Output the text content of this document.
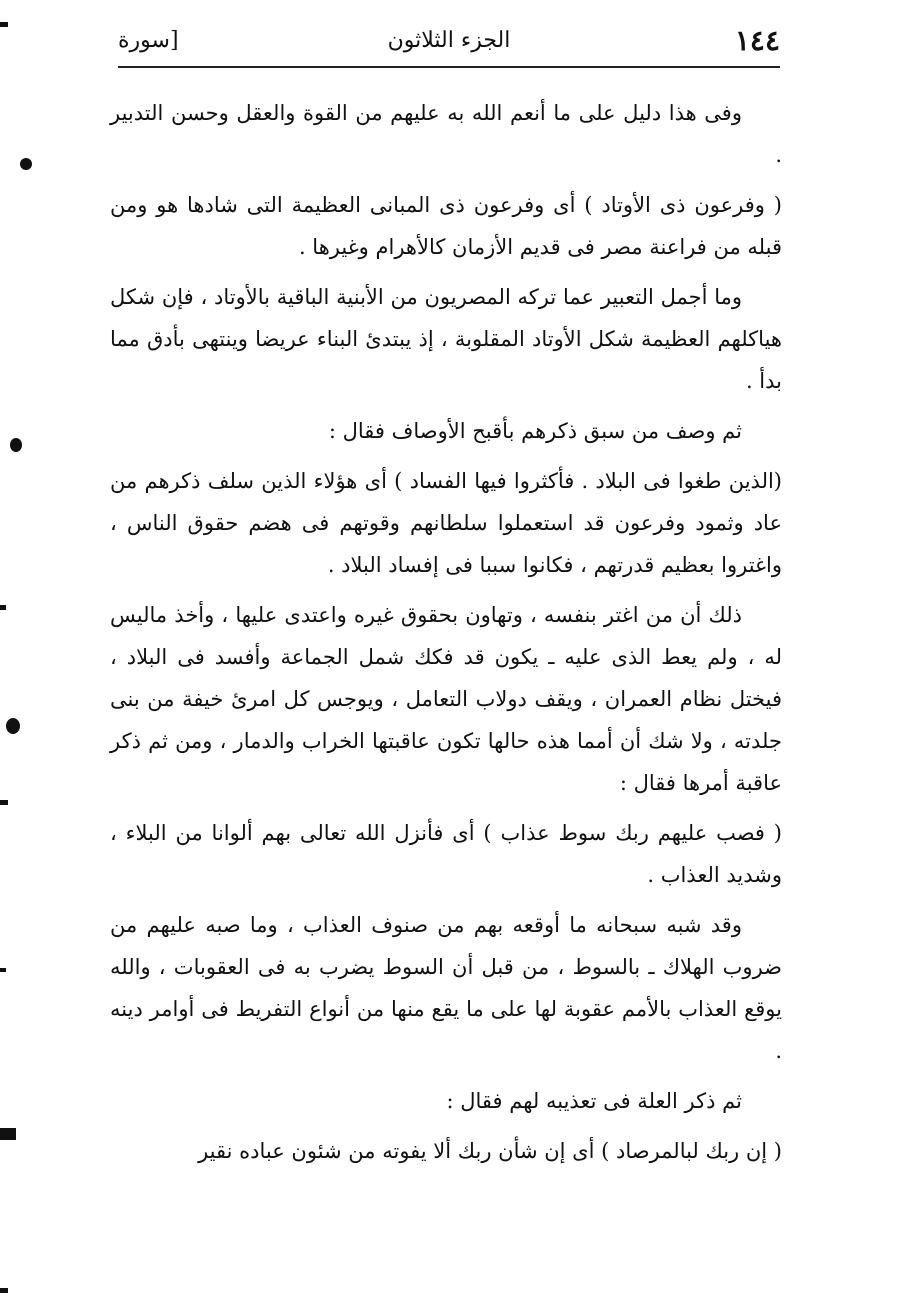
١٤٤
الجزء الثلاثون
[سورة

وفى هذا دليل على ما أنعم الله به عليهم من القوة والعقل وحسن التدبير .

( وفرعون ذى الأوتاد ) أى وفرعون ذى المبانى العظيمة التى شادها هو ومن قبله من فراعنة مصر فى قديم الأزمان كالأهرام وغيرها .

وما أجمل التعبير عما تركه المصريون من الأبنية الباقية بالأوتاد ، فإن شكل هياكلهم العظيمة شكل الأوتاد المقلوبة ، إذ يبتدئ البناء عريضا وينتهى بأدق مما بدأ .

ثم وصف من سبق ذكرهم بأقبح الأوصاف فقال :

(الذين طغوا فى البلاد . فأكثروا فيها الفساد ) أى هؤلاء الذين سلف ذكرهم من عاد وثمود وفرعون قد استعملوا سلطانهم وقوتهم فى هضم حقوق الناس ، واغتروا بعظيم قدرتهم ، فكانوا سببا فى إفساد البلاد .

ذلك أن من اغتر بنفسه ، وتهاون بحقوق غيره واعتدى عليها ، وأخذ ماليس له ، ولم يعط الذى عليه ـ يكون قد فكك شمل الجماعة وأفسد فى البلاد ، فيختل نظام العمران ، ويقف دولاب التعامل ، ويوجس كل امرئ خيفة من بنى جلدته ، ولا شك أن أمما هذه حالها تكون عاقبتها الخراب والدمار ، ومن ثم ذكر عاقبة أمرها فقال :

( فصب عليهم ربك سوط عذاب ) أى فأنزل الله تعالى بهم ألوانا من البلاء ، وشديد العذاب .

وقد شبه سبحانه ما أوقعه بهم من صنوف العذاب ، وما صبه عليهم من ضروب الهلاك ـ بالسوط ، من قبل أن السوط يضرب به فى العقوبات ، والله يوقع العذاب بالأمم عقوبة لها على ما يقع منها من أنواع التفريط فى أوامر دينه .

ثم ذكر العلة فى تعذيبه لهم فقال :

( إن ربك لبالمرصاد ) أى إن شأن ربك ألا يفوته من شئون عباده نقير
